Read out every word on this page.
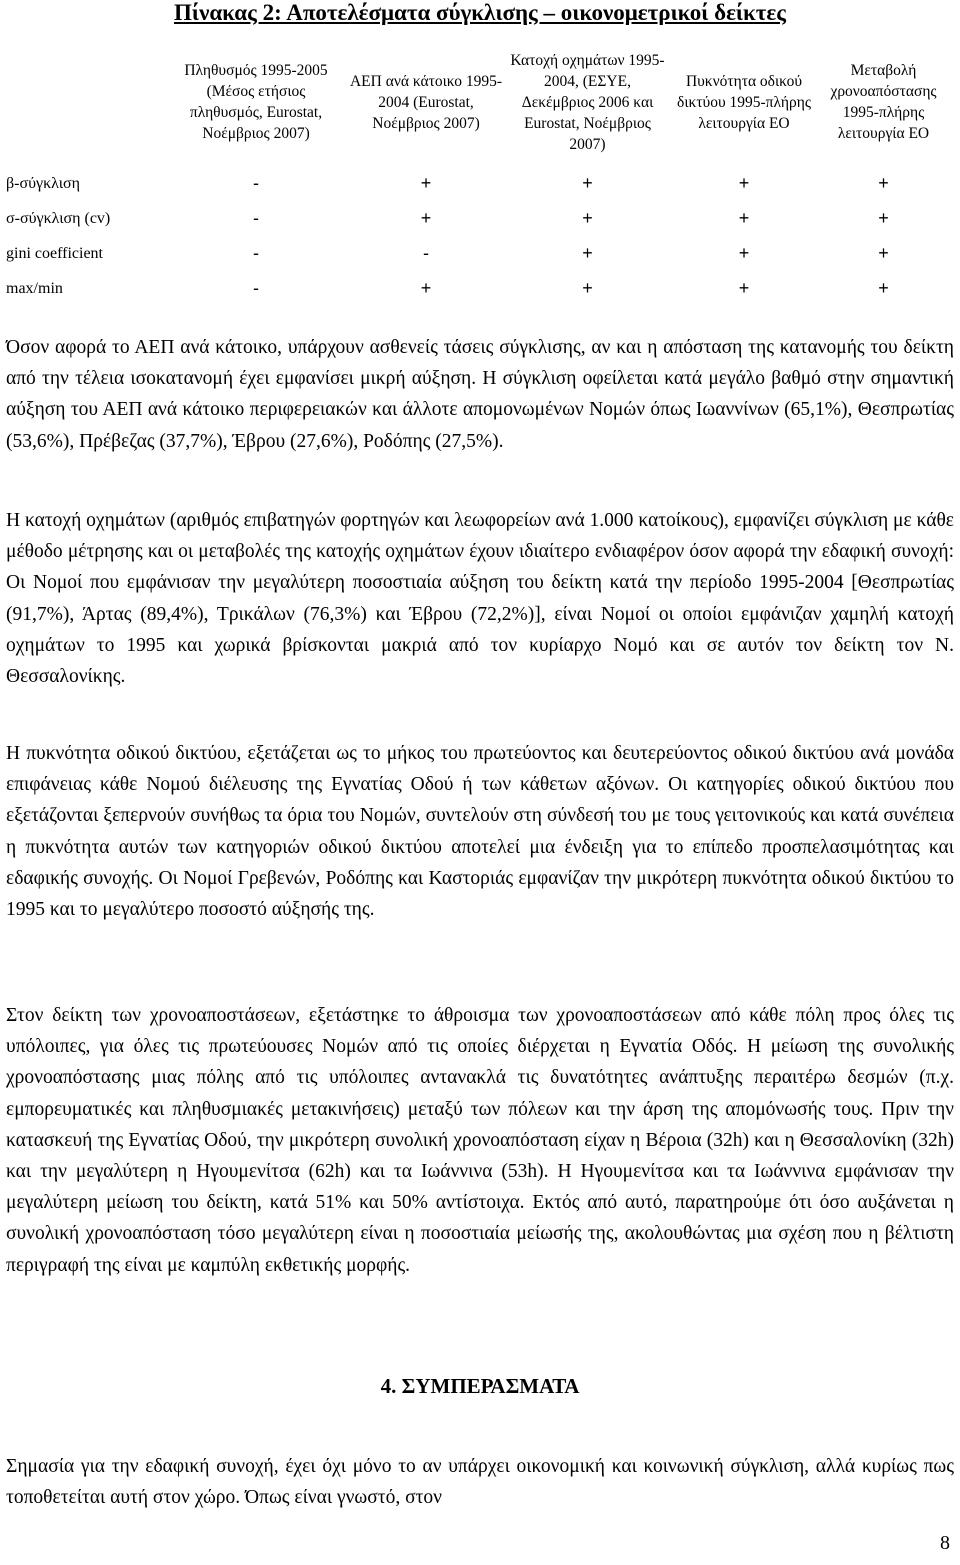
Πίνακας 2: Αποτελέσματα σύγκλισης – οικονομετρικοί δείκτες
	Πληθυσμός 1995-2005 (Μέσος ετήσιος πληθυσμός, Eurostat, Νοέμβριος 2007)	ΑΕΠ ανά κάτοικο 1995-2004 (Eurostat, Νοέμβριος 2007)	Κατοχή οχημάτων 1995-2004, (ΕΣΥΕ, Δεκέμβριος 2006 και Eurostat, Νοέμβριος 2007)	Πυκνότητα οδικού δικτύου 1995-πλήρης λειτουργία ΕΟ	Μεταβολή χρονοαπόστασης 1995-πλήρης λειτουργία ΕΟ
β-σύγκλιση	-	+	+	+	+
σ-σύγκλιση (cv)	-	+	+	+	+
gini coefficient	-	-	+	+	+
max/min	-	+	+	+	+

Όσον αφορά το ΑΕΠ ανά κάτοικο, υπάρχουν ασθενείς τάσεις σύγκλισης, αν και η απόσταση της κατανομής του δείκτη από την τέλεια ισοκατανομή έχει εμφανίσει μικρή αύξηση. Η σύγκλιση οφείλεται κατά μεγάλο βαθμό στην σημαντική αύξηση του ΑΕΠ ανά κάτοικο περιφερειακών και άλλοτε απομονωμένων Νομών όπως Ιωαννίνων (65,1%), Θεσπρωτίας (53,6%), Πρέβεζας (37,7%), Έβρου (27,6%), Ροδόπης (27,5%).

Η κατοχή οχημάτων (αριθμός επιβατηγών φορτηγών και λεωφορείων ανά 1.000 κατοίκους), εμφανίζει σύγκλιση με κάθε μέθοδο μέτρησης και οι μεταβολές της κατοχής οχημάτων έχουν ιδιαίτερο ενδιαφέρον όσον αφορά την εδαφική συνοχή: Οι Νομοί που εμφάνισαν την μεγαλύτερη ποσοστιαία αύξηση του δείκτη κατά την περίοδο 1995-2004 [Θεσπρωτίας (91,7%), Άρτας (89,4%), Τρικάλων (76,3%) και Έβρου (72,2%)], είναι Νομοί οι οποίοι εμφάνιζαν χαμηλή κατοχή οχημάτων το 1995 και χωρικά βρίσκονται μακριά από τον κυρίαρχο Νομό και σε αυτόν τον δείκτη τον Ν. Θεσσαλονίκης.

Η πυκνότητα οδικού δικτύου, εξετάζεται ως το μήκος του πρωτεύοντος και δευτερεύοντος οδικού δικτύου ανά μονάδα επιφάνειας κάθε Νομού διέλευσης της Εγνατίας Οδού ή των κάθετων αξόνων. Οι κατηγορίες οδικού δικτύου που εξετάζονται ξεπερνούν συνήθως τα όρια του Νομών, συντελούν στη σύνδεσή του με τους γειτονικούς και κατά συνέπεια η πυκνότητα αυτών των κατηγοριών οδικού δικτύου αποτελεί μια ένδειξη για το επίπεδο προσπελασιμότητας και εδαφικής συνοχής. Οι Νομοί Γρεβενών, Ροδόπης και Καστοριάς εμφανίζαν την μικρότερη πυκνότητα οδικού δικτύου το 1995 και το μεγαλύτερο ποσοστό αύξησής της.

Στον δείκτη των χρονοαποστάσεων, εξετάστηκε το άθροισμα των χρονοαποστάσεων από κάθε πόλη προς όλες τις υπόλοιπες, για όλες τις πρωτεύουσες Νομών από τις οποίες διέρχεται η Εγνατία Οδός. Η μείωση της συνολικής χρονοαπόστασης μιας πόλης από τις υπόλοιπες αντανακλά τις δυνατότητες ανάπτυξης περαιτέρω δεσμών (π.χ. εμπορευματικές και πληθυσμιακές μετακινήσεις) μεταξύ των πόλεων και την άρση της απομόνωσής τους. Πριν την κατασκευή της Εγνατίας Οδού, την μικρότερη συνολική χρονοαπόσταση είχαν η Βέροια (32h) και η Θεσσαλονίκη (32h) και την μεγαλύτερη η Ηγουμενίτσα (62h) και τα Ιωάννινα (53h). Η Ηγουμενίτσα και τα Ιωάννινα εμφάνισαν την μεγαλύτερη μείωση του δείκτη, κατά 51% και 50% αντίστοιχα. Εκτός από αυτό, παρατηρούμε ότι όσο αυξάνεται η συνολική χρονοαπόσταση τόσο μεγαλύτερη είναι η ποσοστιαία μείωσής της, ακολουθώντας μια σχέση που η βέλτιστη περιγραφή της είναι με καμπύλη εκθετικής μορφής.

4. ΣΥΜΠΕΡΑΣΜΑΤΑ

Σημασία για την εδαφική συνοχή, έχει όχι μόνο το αν υπάρχει οικονομική και κοινωνική σύγκλιση, αλλά κυρίως πως τοποθετείται αυτή στον χώρο. Όπως είναι γνωστό, στον

8
